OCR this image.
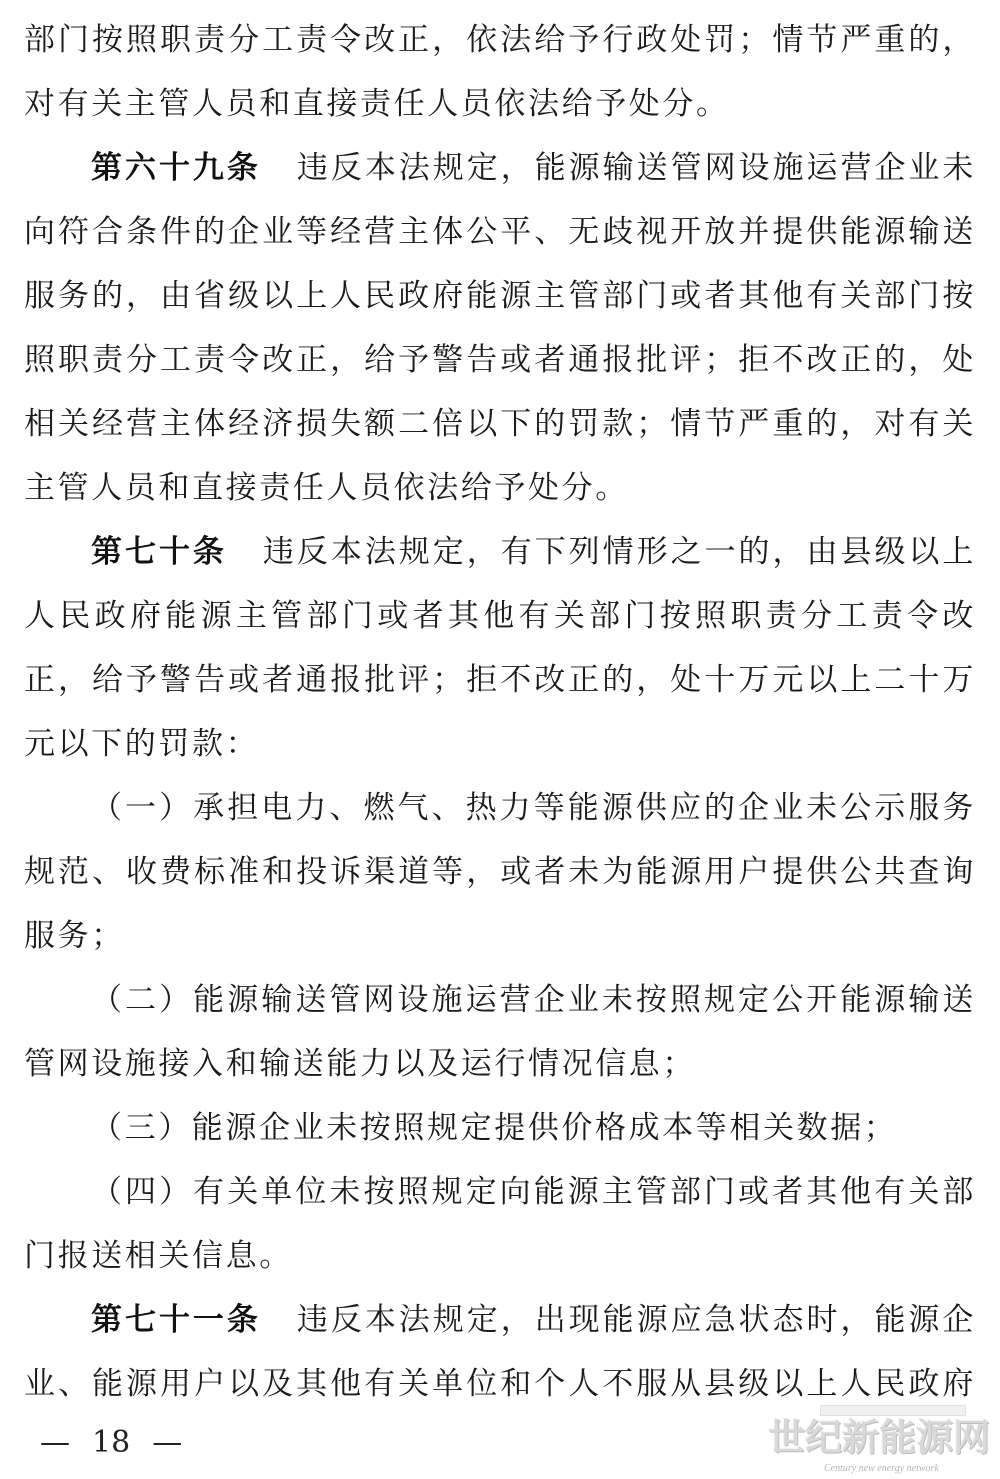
部门按照职责分工责令改正，依法给予行政处罚；情节严重的，
对有关主管人员和直接责任人员依法给予处分。
第六十九条 违反本法规定，能源输送管网设施运营企业未
向符合条件的企业等经营主体公平、无歧视开放并提供能源输送
服务的，由省级以上人民政府能源主管部门或者其他有关部门按
照职责分工责令改正，给予警告或者通报批评；拒不改正的，处
相关经营主体经济损失额二倍以下的罚款；情节严重的，对有关
主管人员和直接责任人员依法给予处分。
第七十条 违反本法规定，有下列情形之一的，由县级以上
人民政府能源主管部门或者其他有关部门按照职责分工责令改
正，给予警告或者通报批评；拒不改正的，处十万元以上二十万
元以下的罚款：
（一）承担电力、燃气、热力等能源供应的企业未公示服务
规范、收费标准和投诉渠道等，或者未为能源用户提供公共查询
服务；
（二）能源输送管网设施运营企业未按照规定公开能源输送
管网设施接入和输送能力以及运行情况信息；
（三）能源企业未按照规定提供价格成本等相关数据；
（四）有关单位未按照规定向能源主管部门或者其他有关部
门报送相关信息。
第七十一条 违反本法规定，出现能源应急状态时，能源企
业、能源用户以及其他有关单位和个人不服从县级以上人民政府
— 18 —	世纪新能源网
Century new energy network
